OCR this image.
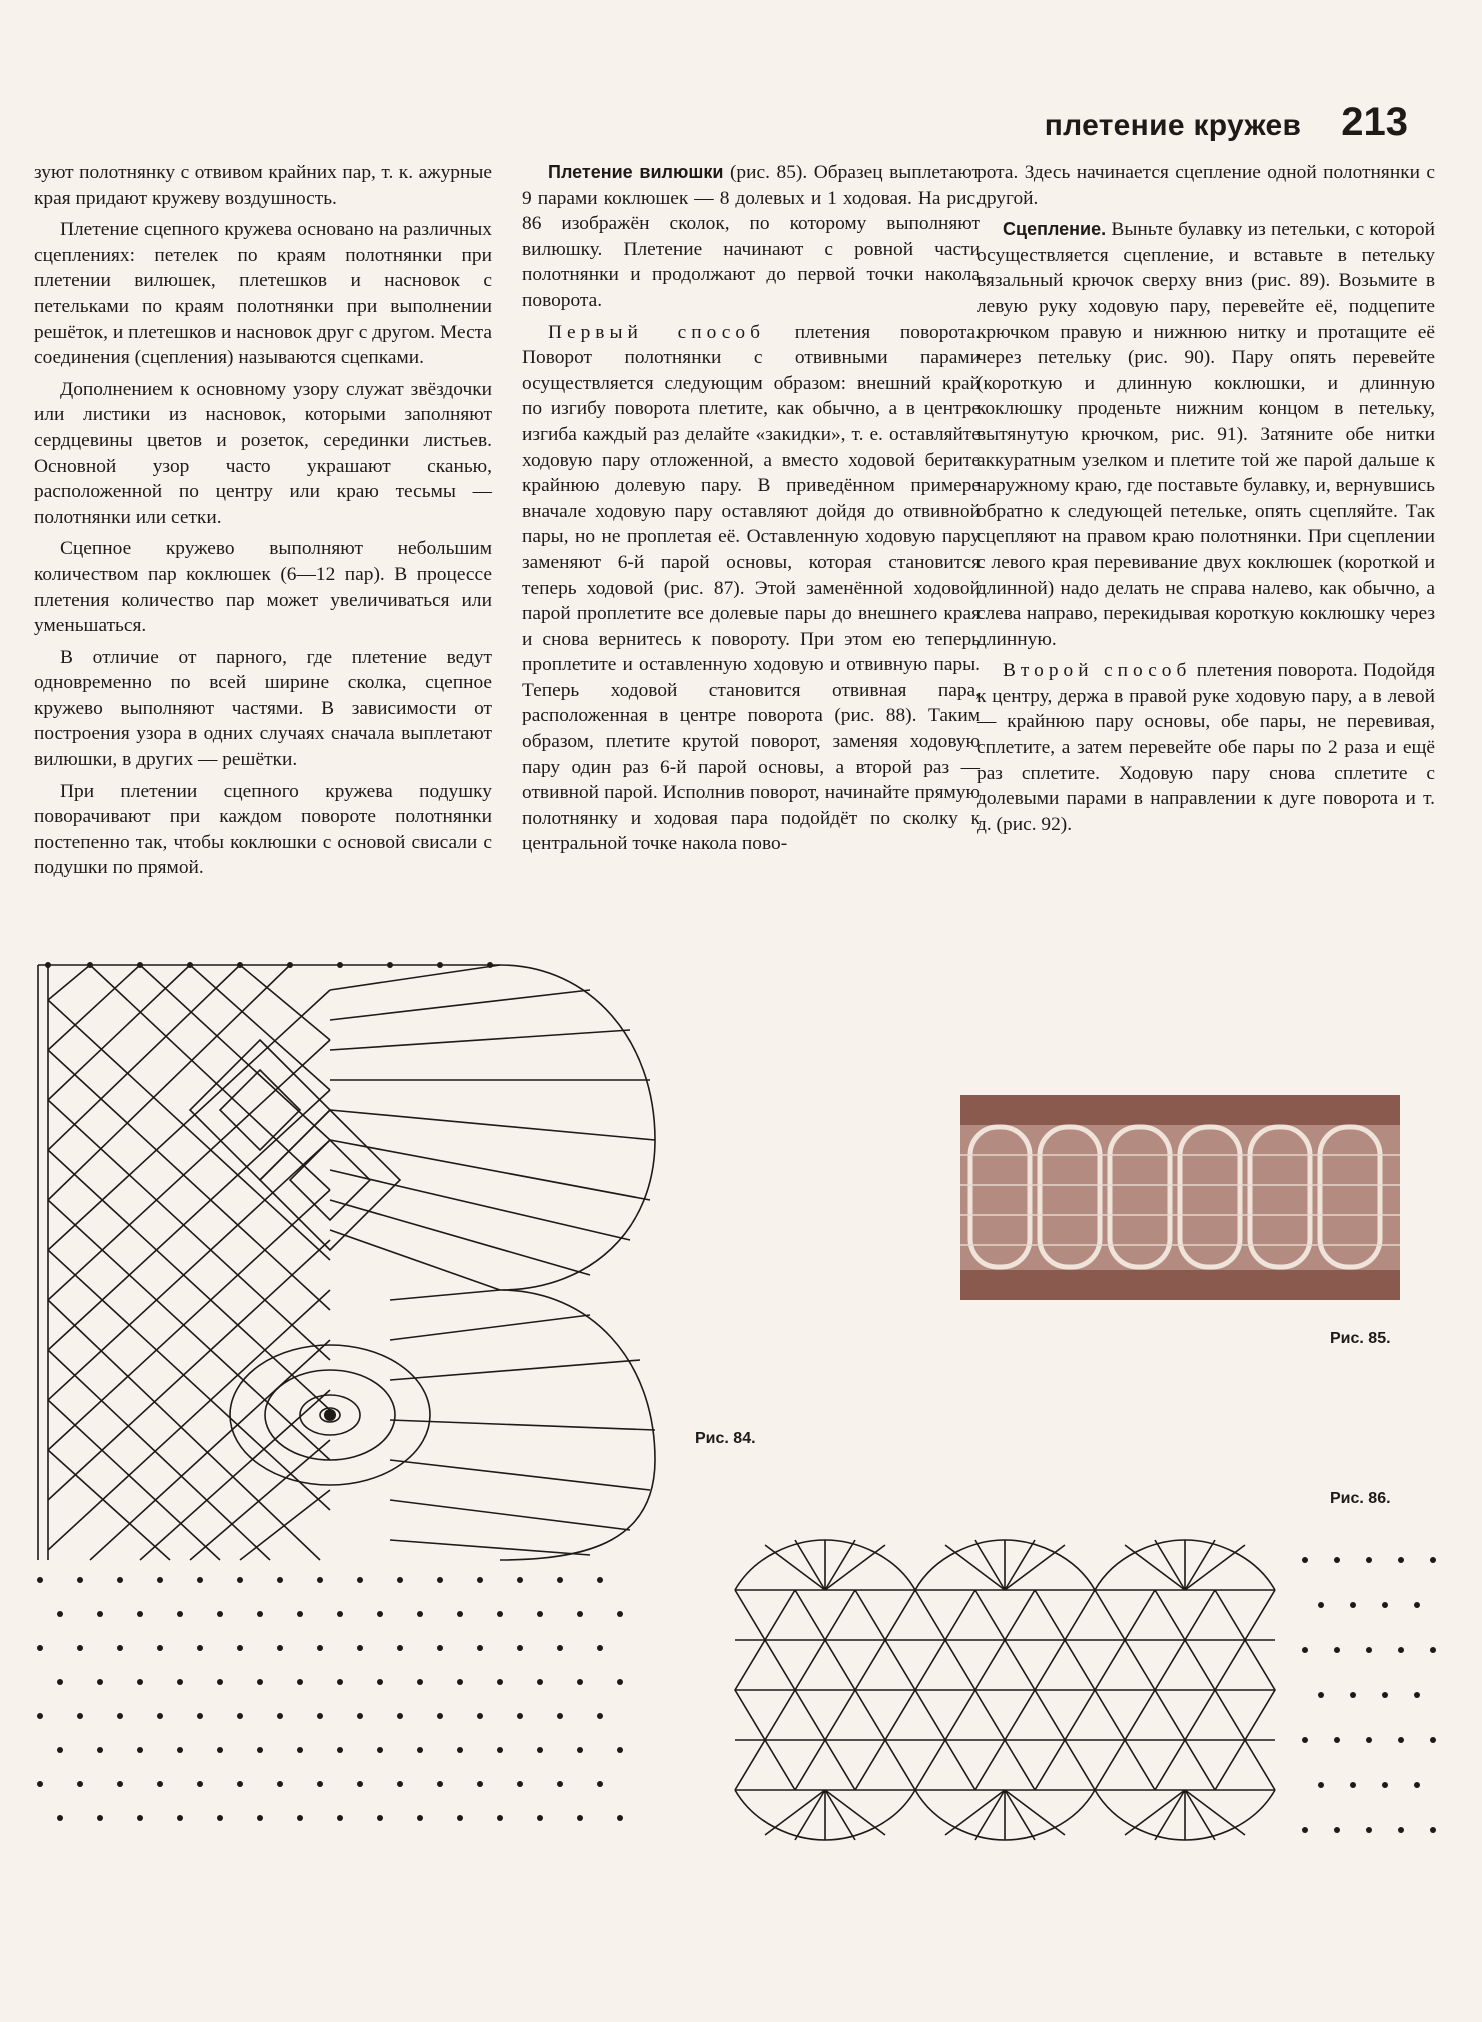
плетение кружев 213

зуют полотнянку с отвивом крайних пар, т. к. ажурные края придают кружеву воздушность.

Плетение сцепного кружева основано на различных сцеплениях: петелек по краям полотнянки при плетении вилюшек, плетешков и насновок с петельками по краям полотнянки при выполнении решёток, и плетешков и насновок друг с другом. Места соединения (сцепления) называются сцепками.

Дополнением к основному узору служат звёздочки или листики из насновок, которыми заполняют сердцевины цветов и розеток, серединки листьев. Основной узор часто украшают сканью, расположенной по центру или краю тесьмы — полотнянки или сетки.

Сцепное кружево выполняют небольшим количеством пар коклюшек (6—12 пар). В процессе плетения количество пар может увеличиваться или уменьшаться.

В отличие от парного, где плетение ведут одновременно по всей ширине сколка, сцепное кружево выполняют частями. В зависимости от построения узора в одних случаях сначала выплетают вилюшки, в других — решётки.

При плетении сцепного кружева подушку поворачивают при каждом повороте полотнянки постепенно так, чтобы коклюшки с основой свисали с подушки по прямой.

Плетение вилюшки (рис. 85). Образец выплетают 9 парами коклюшек — 8 долевых и 1 ходовая. На рис. 86 изображён сколок, по которому выполняют вилюшку. Плетение начинают с ровной части полотнянки и продолжают до первой точки накола поворота.

Первый способ плетения поворота. Поворот полотнянки с отвивными парами осуществляется следующим образом: внешний край по изгибу поворота плетите, как обычно, а в центре изгиба каждый раз делайте «закидки», т. е. оставляйте ходовую пару отложенной, а вместо ходовой берите крайнюю долевую пару. В приведённом примере вначале ходовую пару оставляют дойдя до отвивной пары, но не проплетая её. Оставленную ходовую пару заменяют 6-й парой основы, которая становится теперь ходовой (рис. 87). Этой заменённой ходовой парой проплетите все долевые пары до внешнего края и снова вернитесь к повороту. При этом ею теперь проплетите и оставленную ходовую и отвивную пары. Теперь ходовой становится отвивная пара, расположенная в центре поворота (рис. 88). Таким образом, плетите крутой поворот, заменяя ходовую пару один раз 6-й парой основы, а второй раз — отвивной парой. Исполнив поворот, начинайте прямую полотнянку и ходовая пара подойдёт по сколку к центральной точке накола пово-

рота. Здесь начинается сцепление одной полотнянки с другой.

Сцепление. Выньте булавку из петельки, с которой осуществляется сцепление, и вставьте в петельку вязальный крючок сверху вниз (рис. 89). Возьмите в левую руку ходовую пару, перевейте её, подцепите крючком правую и нижнюю нитку и протащите её через петельку (рис. 90). Пару опять перевейте (короткую и длинную коклюшки, и длинную коклюшку проденьте нижним концом в петельку, вытянутую крючком, рис. 91). Затяните обе нитки аккуратным узелком и плетите той же парой дальше к наружному краю, где поставьте булавку, и, вернувшись обратно к следующей петельке, опять сцепляйте. Так сцепляют на правом краю полотнянки. При сцеплении с левого края перевивание двух коклюшек (короткой и длинной) надо делать не справа налево, как обычно, а слева направо, перекидывая короткую коклюшку через длинную.

Второй способ плетения поворота. Подойдя к центру, держа в правой руке ходовую пару, а в левой — крайнюю пару основы, обе пары, не перевивая, сплетите, а затем перевейте обе пары по 2 раза и ещё раз сплетите. Ходовую пару снова сплетите с долевыми парами в направлении к дуге поворота и т. д. (рис. 92).

Рис. 84.
Рис. 85.
Рис. 86.
